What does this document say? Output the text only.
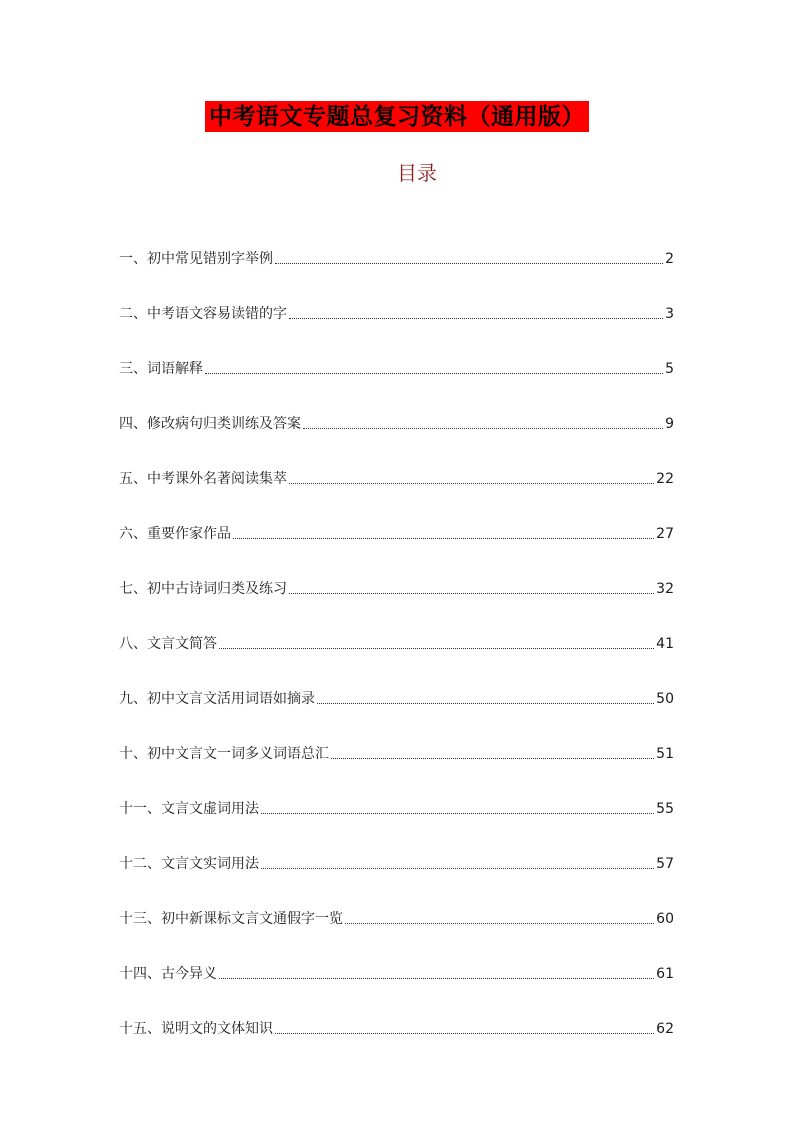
中考语文专题总复习资料（通用版）
目录
一、初中常见错别字举例	2
二、中考语文容易读错的字	3
三、词语解释	5
四、修改病句归类训练及答案	9
五、中考课外名著阅读集萃	22
六、重要作家作品	27
七、初中古诗词归类及练习	32
八、文言文简答	41
九、初中文言文活用词语如摘录	50
十、初中文言文一词多义词语总汇	51
十一、文言文虚词用法	55
十二、文言文实词用法	57
十三、初中新课标文言文通假字一览	60
十四、古今异义	61
十五、说明文的文体知识	62
